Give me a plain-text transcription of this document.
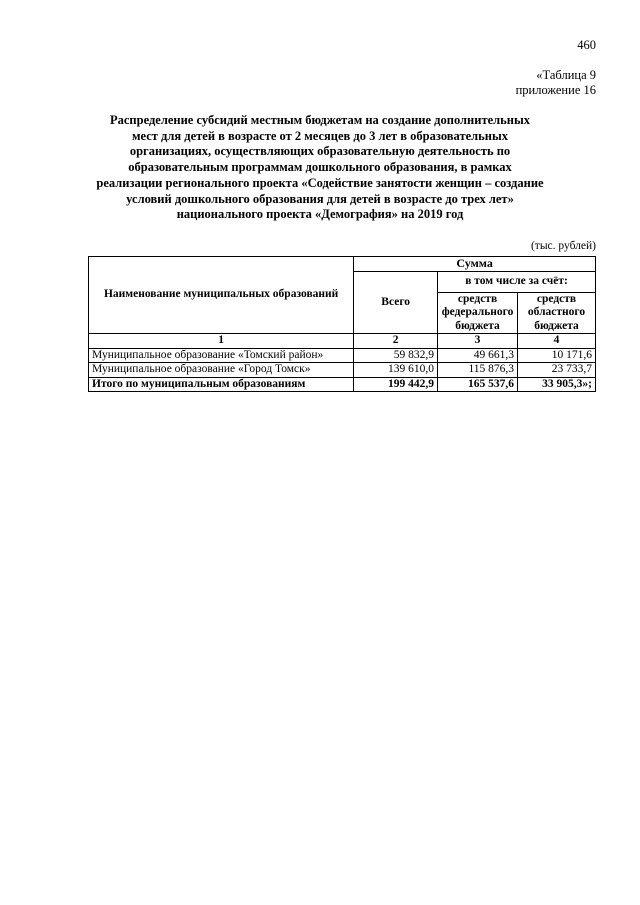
460
«Таблица 9
приложение 16
Распределение субсидий местным бюджетам на создание дополнительных
мест для детей в возрасте от 2 месяцев до 3 лет в образовательных
организациях, осуществляющих образовательную деятельность по
образовательным программам дошкольного образования, в рамках
реализации регионального проекта «Содействие занятости женщин – создание
условий дошкольного образования для детей в возрасте до трех лет»
национального проекта «Демография» на 2019 год
(тыс. рублей)
Наименование муниципальных образований	Сумма		
	Всего	в том числе за счёт:	
		средств федерального бюджета	средств областного бюджета
1	2	3	4
Муниципальное образование «Томский район»	59 832,9	49 661,3	10 171,6
Муниципальное образование «Город Томск»	139 610,0	115 876,3	23 733,7
Итого по муниципальным образованиям	199 442,9	165 537,6	33 905,3»;
